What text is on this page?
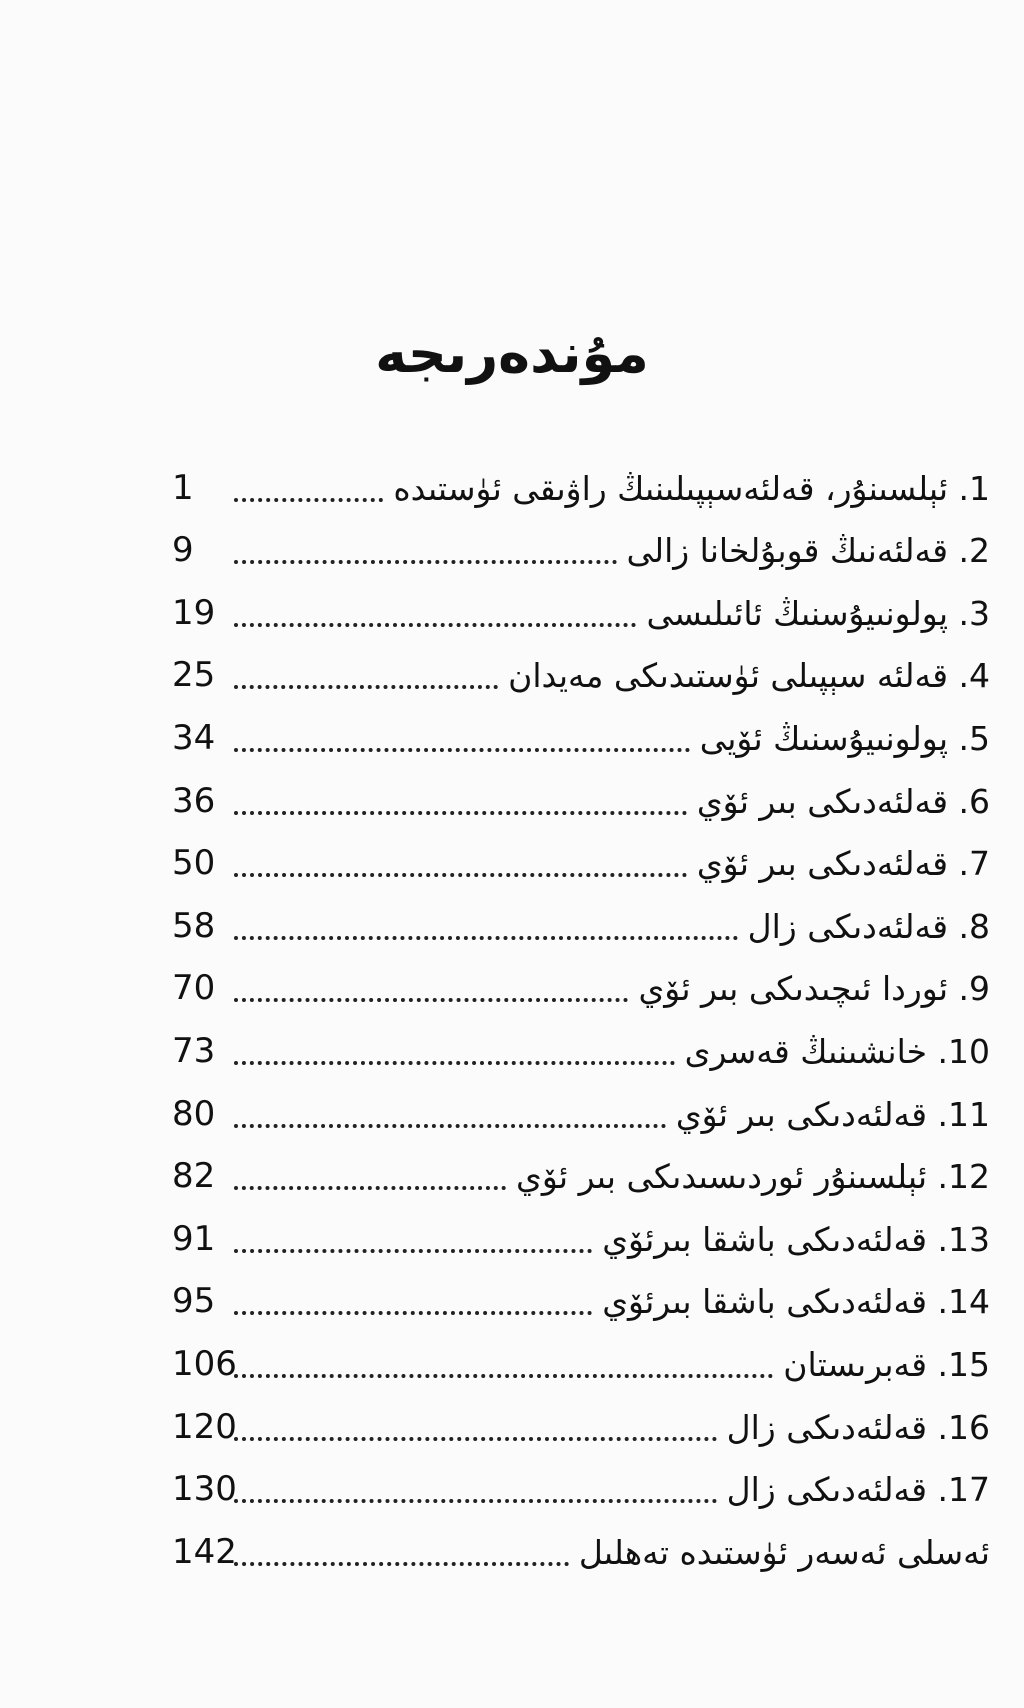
مۇندەرىجە
1	1. ئېلسىنۇر، قەلئەسېپىلىنىڭ راۋىقى ئۈستىدە
9	2. قەلئەنىڭ قوبۇلخانا زالى
19	3. پولونىيۇسنىڭ ئائىلىسى
25	4. قەلئە سېپىلى ئۈستىدىكى مەيدان
34	5. پولونىيۇسنىڭ ئۆيى
36	6. قەلئەدىكى بىر ئۆي
50	7. قەلئەدىكى بىر ئۆي
58	8. قەلئەدىكى زال
70	9. ئوردا ئىچىدىكى بىر ئۆي
73	10. خانشىنىڭ قەسرى
80	11. قەلئەدىكى بىر ئۆي
82	12. ئېلسىنۇر ئوردىسىدىكى بىر ئۆي
91	13. قەلئەدىكى باشقا بىرئۆي
95	14. قەلئەدىكى باشقا بىرئۆي
106	15. قەبرىستان
120	16. قەلئەدىكى زال
130	17. قەلئەدىكى زال
142	ئەسلى ئەسەر ئۈستىدە تەھلىل
